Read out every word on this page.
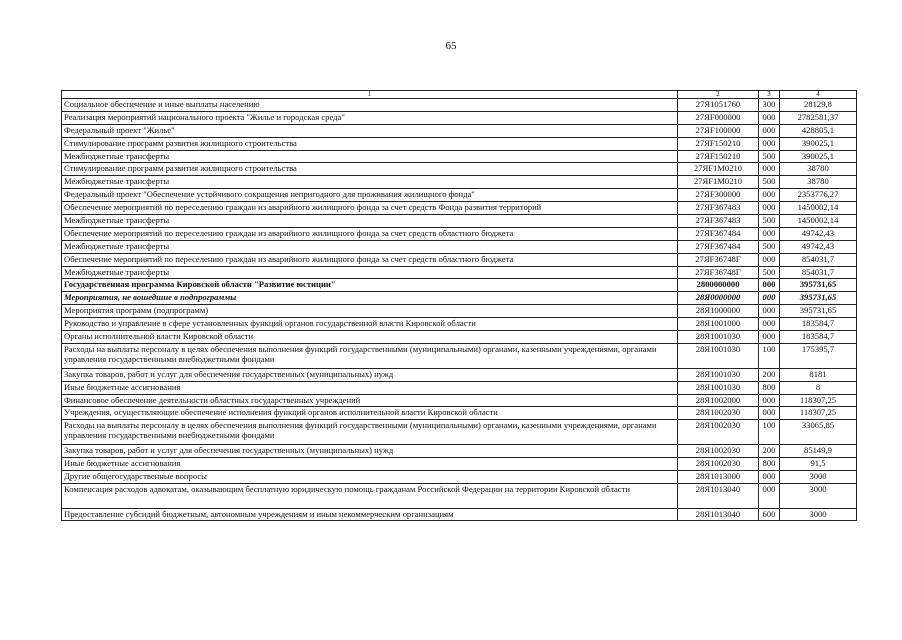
65
1	2	3	4
Социальное обеспечение и иные выплаты населению	27Я1051760	300	28129,8
Реализация мероприятий национального проекта "Жилье и городская среда"	27ЯF000000	000	2782581,37
Федеральный проект "Жилье"	27ЯF100000	000	428805,1
Стимулирование программ развития жилищного строительства	27ЯF150210	000	390025,1
Межбюджетные трансферты	27ЯF150210	500	390025,1
Стимулирование программ развития жилищного строительства	27ЯF1M0210	000	38780
Межбюджетные трансферты	27ЯF1M0210	500	38780
Федеральный проект "Обеспечение устойчивого сокращения непригодного для проживания жилищного фонда"	27ЯF300000	000	2353776,27
Обеспечение мероприятий по переселению граждан из аварийного жилищного фонда за счет средств Фонда развития территорий	27ЯF367483	000	1450002,14
Межбюджетные трансферты	27ЯF367483	500	1450002,14
Обеспечение мероприятий по переселению граждан из аварийного жилищного фонда за счет средств областного бюджета	27ЯF367484	000	49742,43
Межбюджетные трансферты	27ЯF367484	500	49742,43
Обеспечение мероприятий по переселению граждан из аварийного жилищного фонда за счет средств областного бюджета	27ЯF36748Г	000	854031,7
Межбюджетные трансферты	27ЯF36748Г	500	854031,7
Государственная программа Кировской области "Развитие юстиции"	2800000000	000	395731,65
Мероприятия, не вошедшие в подпрограммы	28Я0000000	000	395731,65
Мероприятия программ (подпрограмм)	28Я1000000	000	395731,65
Руководство и управление в сфере установленных функций органов государственной власти Кировской области	28Я1001000	000	183584,7
Органы исполнительной власти Кировской области	28Я1001030	000	183584,7
Расходы на выплаты персоналу в целях обеспечения выполнения функций государственными (муниципальными) органами, казенными учреждениями, органами управления государственными внебюджетными фондами	28Я1001030	100	175395,7
Закупка товаров, работ и услуг для обеспечения государственных (муниципальных) нужд	28Я1001030	200	8181
Иные бюджетные ассигнования	28Я1001030	800	8
Финансовое обеспечение деятельности областных государственных учреждений	28Я1002000	000	118307,25
Учреждения, осуществляющие обеспечение исполнения функций органов исполнительной власти Кировской области	28Я1002030	000	118307,25
Расходы на выплаты персоналу в целях обеспечения выполнения функций государственными (муниципальными) органами, казенными учреждениями, органами управления государственными внебюджетными фондами	28Я1002030	100	33065,85
Закупка товаров, работ и услуг для обеспечения государственных (муниципальных) нужд	28Я1002030	200	85149,9
Иные бюджетные ассигнования	28Я1002030	800	91,5
Другие общегосударственные вопросы	28Я1013000	000	3000
Компенсация расходов адвокатам, оказывающим бесплатную юридическую помощь гражданам Российской Федерации на территории Кировской области	28Я1013040	000	3000
Предоставление субсидий бюджетным, автономным учреждениям и иным некоммерческим организациям	28Я1013040	600	3000
